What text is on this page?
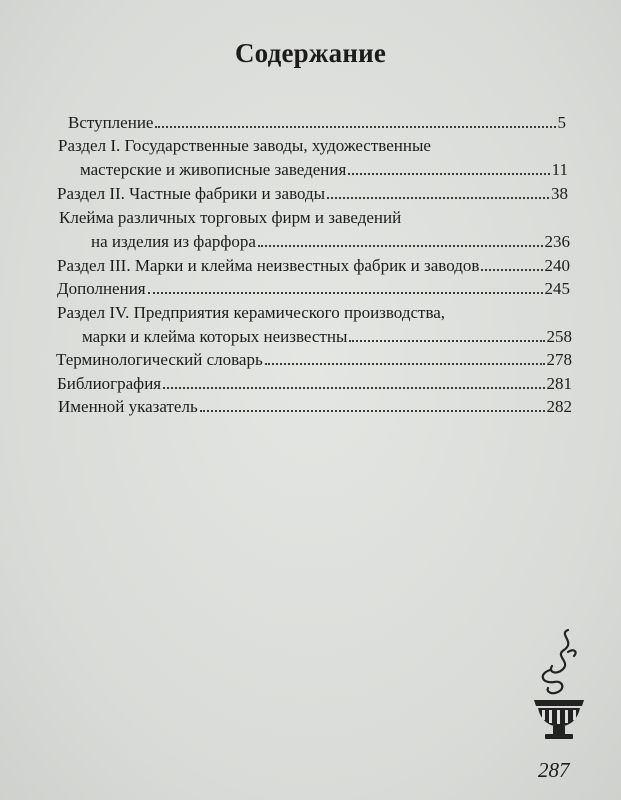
Содержание
Вступление	5
Раздел I. Государственные заводы, художественные
мастерские и живописные заведения	11
Раздел II. Частные фабрики и заводы	38
Клейма различных торговых фирм и заведений
на изделия из фарфора	236
Раздел III. Марки и клейма неизвестных фабрик и заводов	240
Дополнения	245
Раздел IV. Предприятия керамического производства,
марки и клейма которых неизвестны	258
Терминологический словарь	278
Библиография	281
Именной указатель	282
287
